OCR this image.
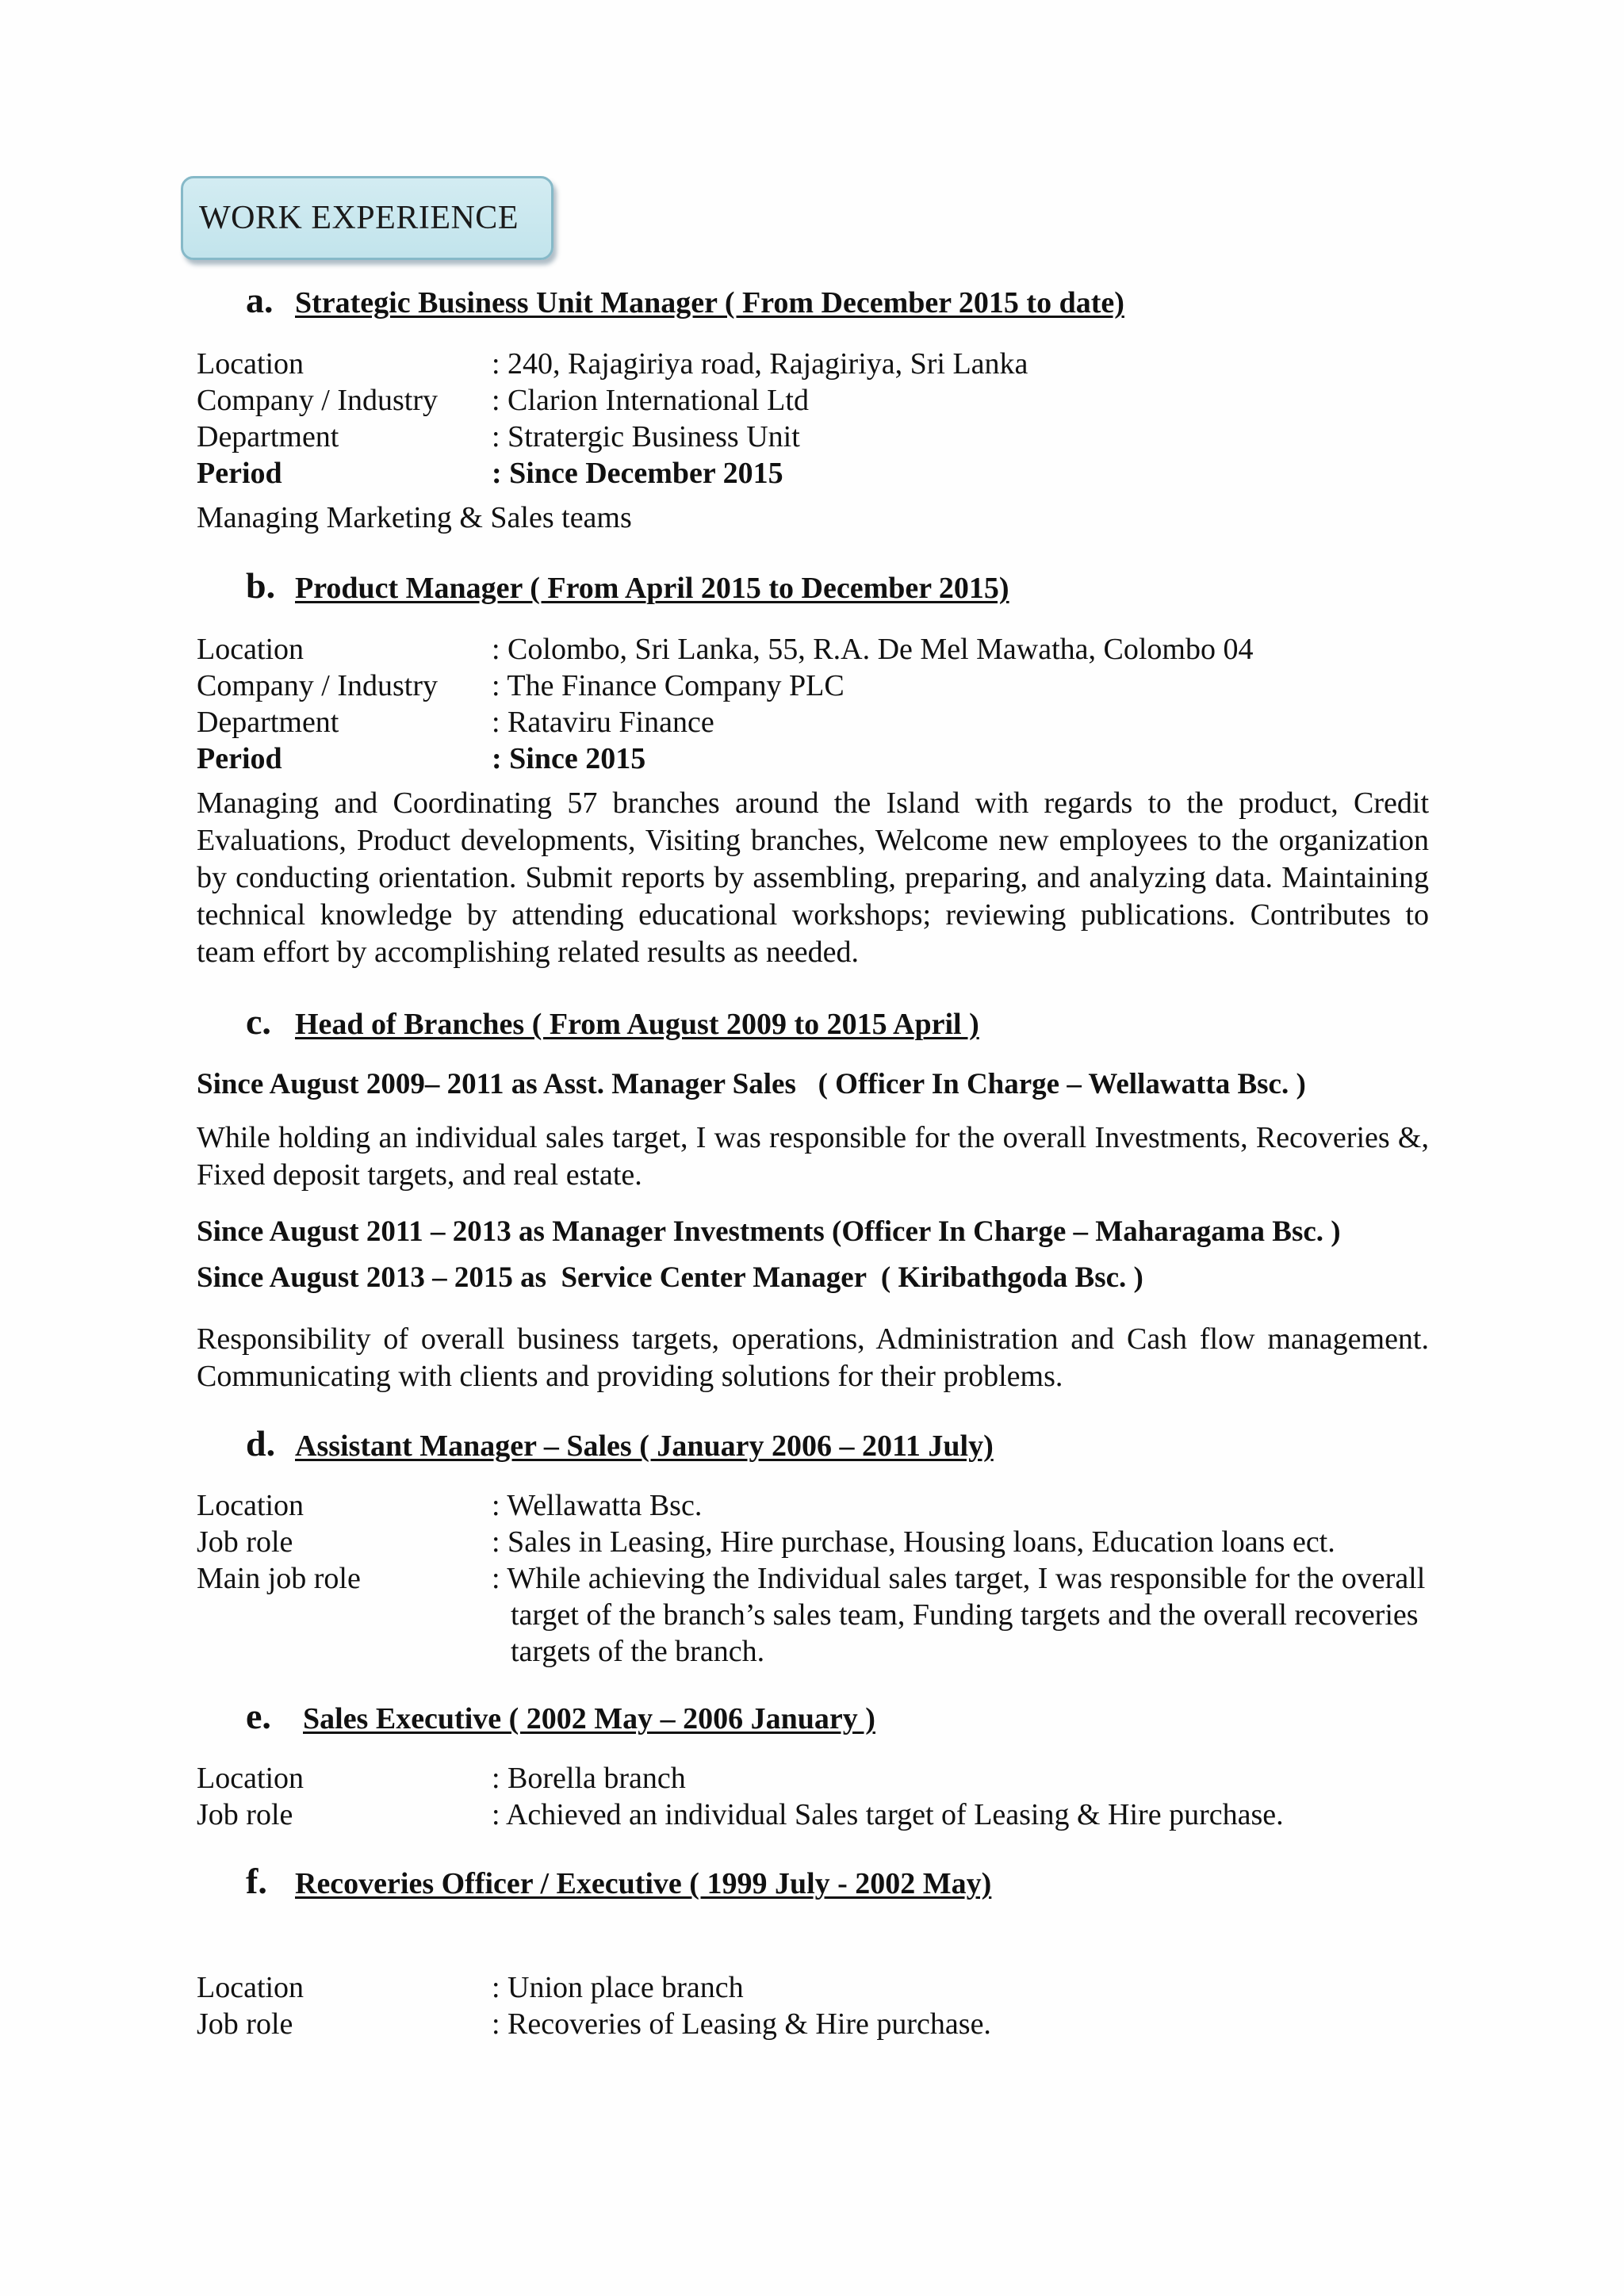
WORK EXPERIENCE
a. Strategic Business Unit Manager ( From December 2015 to date)
Location	: 240, Rajagiriya road, Rajagiriya, Sri Lanka
Company / Industry	: Clarion International Ltd
Department	: Stratergic Business Unit
Period	: Since December 2015
Managing Marketing & Sales teams
b. Product Manager ( From April 2015 to December 2015)
Location	: Colombo, Sri Lanka, 55, R.A. De Mel Mawatha, Colombo 04
Company / Industry	: The Finance Company PLC
Department	: Rataviru Finance
Period	: Since 2015
Managing and Coordinating 57 branches around the Island with regards to the product, Credit Evaluations, Product developments, Visiting branches, Welcome new employees to the organization by conducting orientation. Submit reports by assembling, preparing, and analyzing data. Maintaining technical knowledge by attending educational workshops; reviewing publications. Contributes to team effort by accomplishing related results as needed.
c. Head of Branches ( From August 2009 to 2015 April )
Since August 2009– 2011 as Asst. Manager Sales   ( Officer In Charge – Wellawatta Bsc. )
While holding an individual sales target, I was responsible for the overall Investments, Recoveries &, Fixed deposit targets, and real estate.
Since August 2011 – 2013 as Manager Investments (Officer In Charge – Maharagama Bsc. )
Since August 2013 – 2015 as  Service Center Manager  ( Kiribathgoda Bsc. )
Responsibility of overall business targets, operations, Administration and Cash flow management. Communicating with clients and providing solutions for their problems.
d. Assistant Manager – Sales ( January 2006 – 2011 July)
Location	: Wellawatta Bsc.
Job role	: Sales in Leasing, Hire purchase, Housing loans, Education loans ect.
Main job role	: While achieving the Individual sales target, I was responsible for the overall target of the branch’s sales team, Funding targets and the overall recoveries targets of the branch.
e.	Sales Executive ( 2002 May – 2006 January )
Location	: Borella branch
Job role	: Achieved an individual Sales target of Leasing & Hire purchase.
f. Recoveries Officer / Executive ( 1999 July - 2002 May)
Location	: Union place branch
Job role	: Recoveries of Leasing & Hire purchase.
